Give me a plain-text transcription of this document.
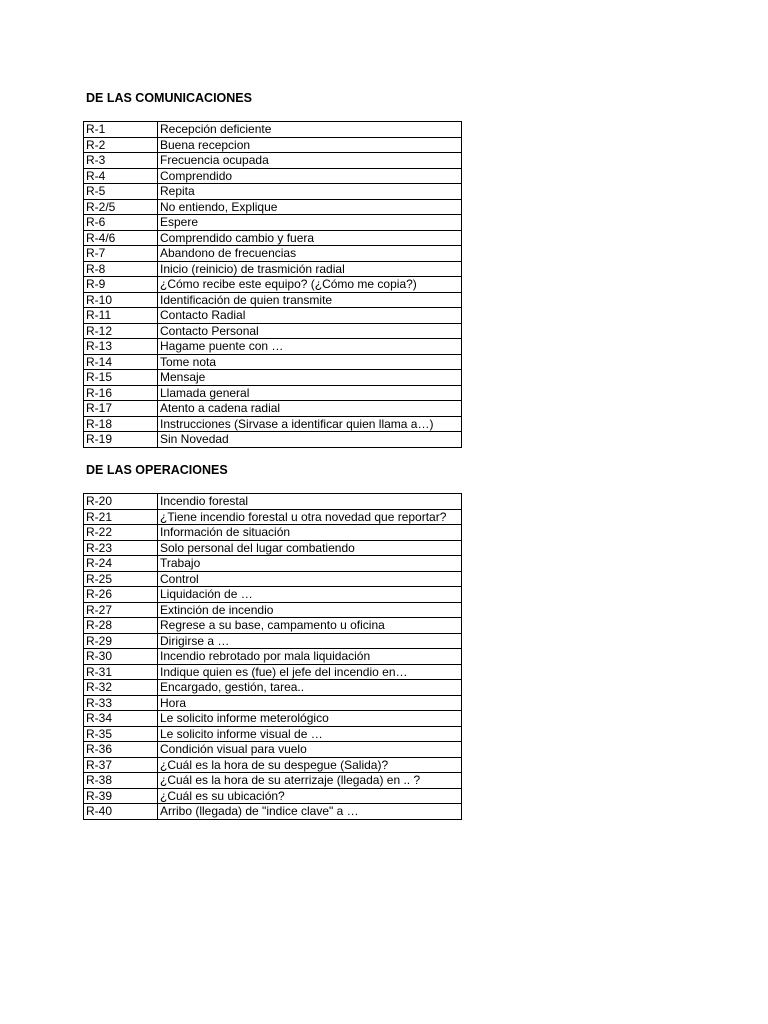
DE LAS COMUNICACIONES
R-1	Recepción deficiente
R-2	Buena recepcion
R-3	Frecuencia ocupada
R-4	Comprendido
R-5	Repita
R-2/5	No entiendo, Explique
R-6	Espere
R-4/6	Comprendido cambio y fuera
R-7	Abandono de frecuencias
R-8	Inicio (reinicio) de trasmición radial
R-9	¿Cómo recibe este equipo? (¿Cómo me copia?)
R-10	Identificación de quien transmite
R-11	Contacto Radial
R-12	Contacto Personal
R-13	Hagame puente con …
R-14	Tome nota
R-15	Mensaje
R-16	Llamada general
R-17	Atento a cadena radial
R-18	Instrucciones (Sirvase a identificar quien llama a…)
R-19	Sin Novedad
DE LAS OPERACIONES
R-20	Incendio forestal
R-21	¿Tiene incendio forestal u otra novedad que reportar?
R-22	Información de situación
R-23	Solo personal del lugar combatiendo
R-24	Trabajo
R-25	Control
R-26	Liquidación de …
R-27	Extinción de incendio
R-28	Regrese a su base, campamento u oficina
R-29	Dirigirse a …
R-30	Incendio rebrotado por mala liquidación
R-31	Indique quien es (fue) el jefe del incendio en…
R-32	Encargado, gestión, tarea..
R-33	Hora
R-34	Le solicito informe meterológico
R-35	Le solicito informe visual de …
R-36	Condición visual para vuelo
R-37	¿Cuál es la hora de su despegue (Salida)?
R-38	¿Cuál es la hora de su aterrizaje (llegada) en .. ?
R-39	¿Cuál es su ubicación?
R-40	Arribo (llegada) de "indice clave" a …
